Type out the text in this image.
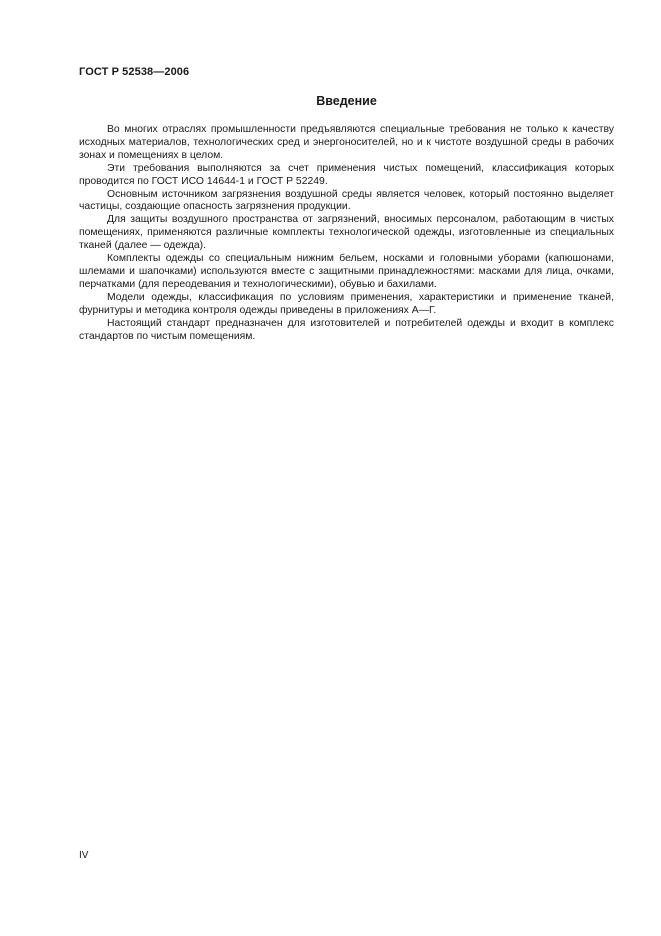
ГОСТ Р 52538—2006
Введение

Во многих отраслях промышленности предъявляются специальные требования не только к качеству исходных материалов, технологических сред и энергоносителей, но и к чистоте воздушной среды в рабочих зонах и помещениях в целом.

Эти требования выполняются за счет применения чистых помещений, классификация которых проводится по ГОСТ ИСО 14644-1 и ГОСТ Р 52249.

Основным источником загрязнения воздушной среды является человек, который постоянно выделяет частицы, создающие опасность загрязнения продукции.

Для защиты воздушного пространства от загрязнений, вносимых персоналом, работающим в чистых помещениях, применяются различные комплекты технологической одежды, изготовленные из специальных тканей (далее — одежда).

Комплекты одежды со специальным нижним бельем, носками и головными уборами (капюшонами, шлемами и шапочками) используются вместе с защитными принадлежностями: масками для лица, очками, перчатками (для переодевания и технологическими), обувью и бахилами.

Модели одежды, классификация по условиям применения, характеристики и применение тканей, фурнитуры и методика контроля одежды приведены в приложениях А—Г.

Настоящий стандарт предназначен для изготовителей и потребителей одежды и входит в комплекс стандартов по чистым помещениям.

IV
